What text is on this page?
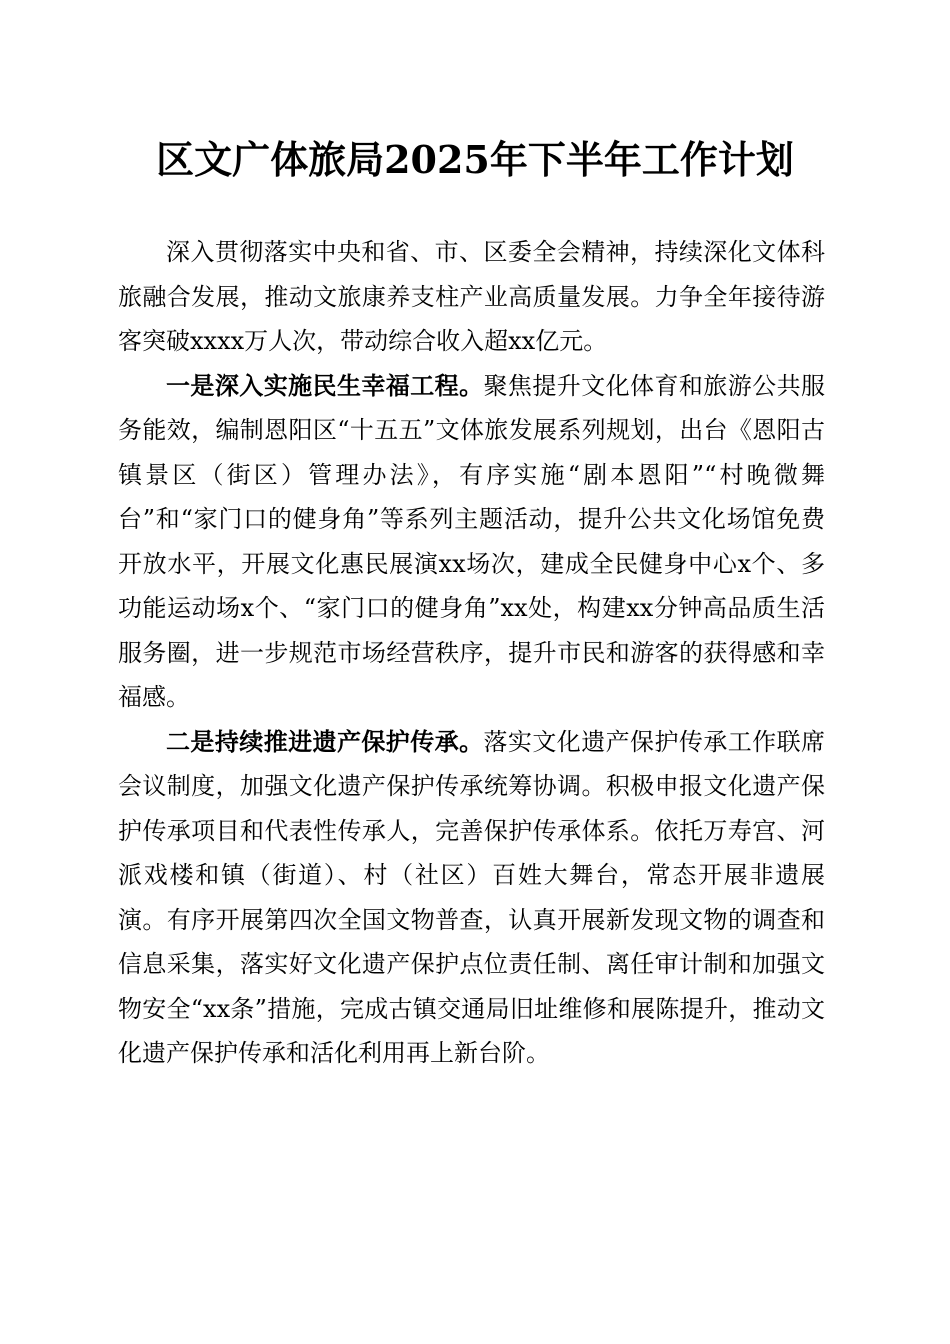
区文广体旅局2025年下半年工作计划

深入贯彻落实中央和省、市、区委全会精神，持续深化文体科旅融合发展，推动文旅康养支柱产业高质量发展。力争全年接待游客突破xxxx万人次，带动综合收入超xx亿元。

一是深入实施民生幸福工程。聚焦提升文化体育和旅游公共服务能效，编制恩阳区“十五五”文体旅发展系列规划，出台《恩阳古镇景区（街区）管理办法》，有序实施“剧本恩阳”“村晚微舞台”和“家门口的健身角”等系列主题活动，提升公共文化场馆免费开放水平，开展文化惠民展演xx场次，建成全民健身中心x个、多功能运动场x个、“家门口的健身角”xx处，构建xx分钟高品质生活服务圈，进一步规范市场经营秩序，提升市民和游客的获得感和幸福感。

二是持续推进遗产保护传承。落实文化遗产保护传承工作联席会议制度，加强文化遗产保护传承统筹协调。积极申报文化遗产保护传承项目和代表性传承人，完善保护传承体系。依托万寿宫、河派戏楼和镇（街道）、村（社区）百姓大舞台，常态开展非遗展演。有序开展第四次全国文物普查，认真开展新发现文物的调查和信息采集，落实好文化遗产保护点位责任制、离任审计制和加强文物安全“xx条”措施，完成古镇交通局旧址维修和展陈提升，推动文化遗产保护传承和活化利用再上新台阶。
